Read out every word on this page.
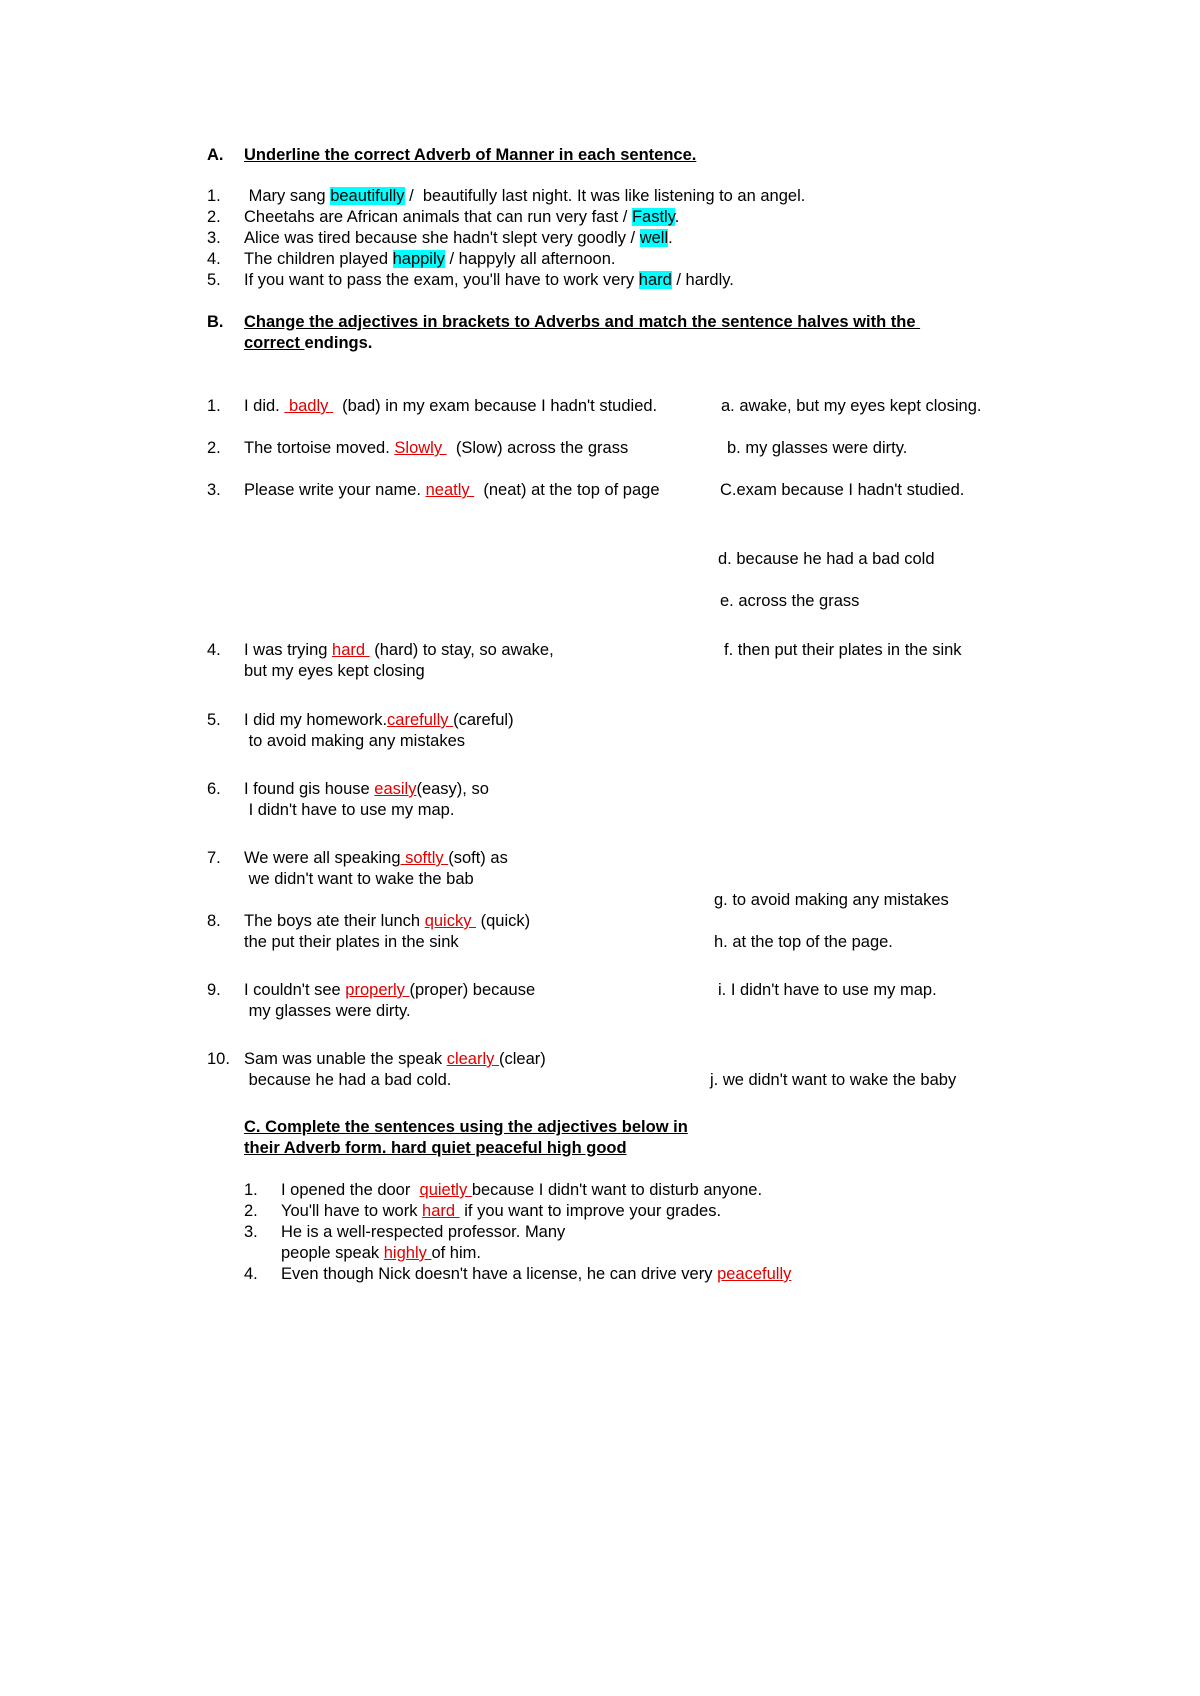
A. Underline the correct Adverb of Manner in each sentence.
1. Mary sang beautifully /  beautifully last night. It was like listening to an angel.
2. Cheetahs are African animals that can run very fast / Fastly.
3. Alice was tired because she hadn't slept very goodly / well.
4. The children played happily / happyly all afternoon.
5. If you want to pass the exam, you'll have to work very hard / hardly.
B. Change the adjectives in brackets to Adverbs and match the sentence halves with the
correct endings.
1. I did.  badly   (bad) in my exam because I hadn't studied.	a. awake, but my eyes kept closing.
2. The tortoise moved. Slowly   (Slow) across the grass	b. my glasses were dirty.
3. Please write your name. neatly   (neat) at the top of page	C.exam because I hadn't studied.
d. because he had a bad cold
e. across the grass
4. I was trying hard  (hard) to stay, so awake,
but my eyes kept closing
f. then put their plates in the sink
5. I did my homework.carefully (careful)
to avoid making any mistakes
6. I found gis house easily(easy), so
I didn't have to use my map.
7. We were all speaking softly (soft) as
we didn't want to wake the bab
g. to avoid making any mistakes
8. The boys ate their lunch quicky  (quick)
the put their plates in the sink	h. at the top of the page.
9. I couldn't see properly (proper) because
my glasses were dirty.
i. I didn't have to use my map.
10. Sam was unable the speak clearly (clear)
because he had a bad cold.	j. we didn't want to wake the baby
C. Complete the sentences using the adjectives below in
their Adverb form. hard quiet peaceful high good
1. I opened the door  quietly because I didn't want to disturb anyone.
2. You'll have to work hard  if you want to improve your grades.
3. He is a well-respected professor. Many
people speak highly of him.
4. Even though Nick doesn't have a license, he can drive very peacefully
